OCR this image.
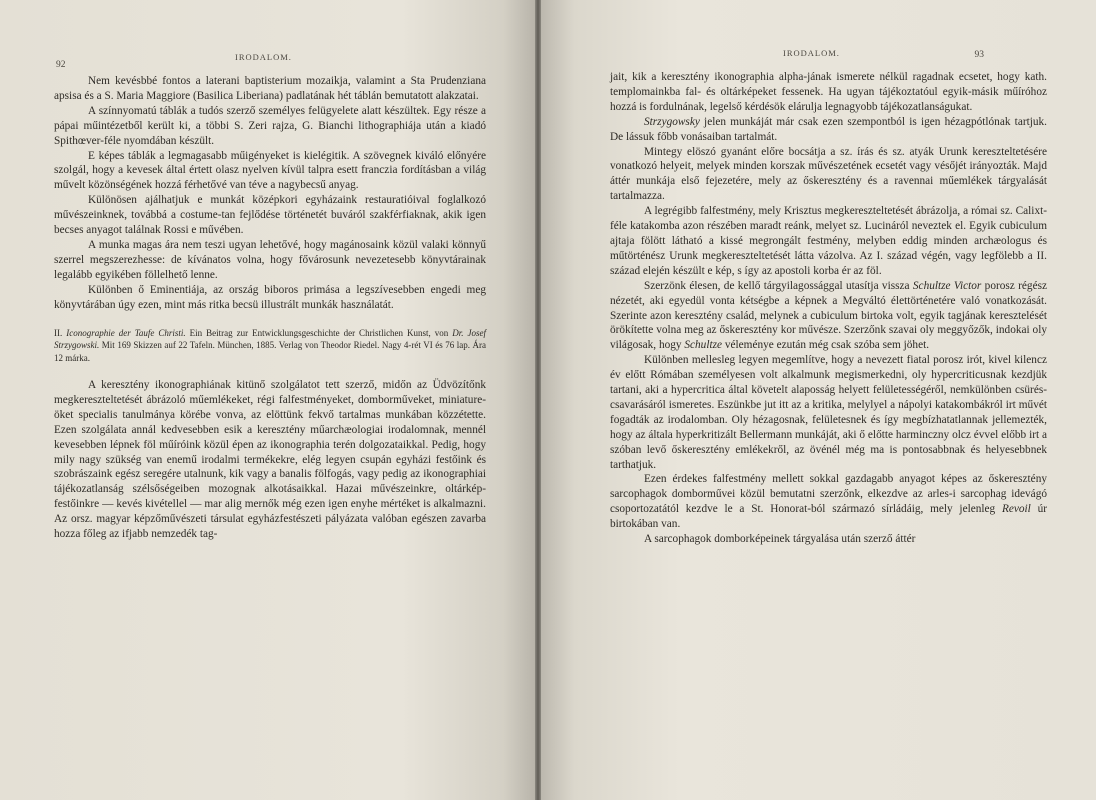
92
IRODALOM.

Nem kevésbbé fontos a laterani baptisterium mozaikja, valamint a Sta Prudenziana apsisa és a S. Maria Maggiore (Basilica Liberiana) padlatának hét táblán bemutatott alakzatai.

A színnyomatú táblák a tudós szerző személyes felügyelete alatt készültek. Egy része a pápai műintézetből került ki, a többi S. Zeri rajza, G. Bianchi lithographiája után a kiadó Spithœver-féle nyomdában készült.

E képes táblák a legmagasabb műigényeket is kielégitik. A szövegnek kiváló előnyére szolgál, hogy a kevesek által értett olasz nyelven kívül talpra esett franczia fordításban a világ művelt közönségének hozzá férhetővé van téve a nagybecsű anyag.

Különösen ajálhatjuk e munkát középkori egyházaink restauratióival foglalkozó művészeinknek, továbbá a costume-tan fejlődése történetét buváról szakférfiaknak, akik igen becses anyagot találnak Rossi e művében.

A munka magas ára nem teszi ugyan lehetővé, hogy magánosaink közül valaki könnyű szerrel megszerezhesse: de kívánatos volna, hogy fővárosunk nevezetesebb könyvtárainak legalább egyikében föllelhető lenne.

Különben ő Eminentiája, az ország biboros primása a legszívesebben engedi meg könyvtárában úgy ezen, mint más ritka becsü illustrált munkák használatát.

II. Iconographie der Taufe Christi. Ein Beitrag zur Entwicklungsgeschichte der Christlichen Kunst, von Dr. Josef Strzygowski. Mit 169 Skizzen auf 22 Tafeln. München, 1885. Verlag von Theodor Riedel. Nagy 4-rét VI és 76 lap. Ára 12 márka.

A keresztény ikonographiának kitünő szolgálatot tett szerző, midőn az Üdvözítőnk megkereszteltetését ábrázoló műemlékeket, régi falfestményeket, domborműveket, miniature-öket specialis tanulmánya körébe vonva, az elöttünk fekvő tartalmas munkában közzétette. Ezen szolgálata annál kedvesebben esik a keresztény műarchæologiai irodalomnak, mennél kevesebben lépnek föl műíróink közül épen az ikonographia terén dolgozataikkal. Pedig, hogy mily nagy szükség van enemű irodalmi termékekre, elég legyen csupán egyházi festőink és szobrászaink egész seregére utalnunk, kik vagy a banalis fölfogás, vagy pedig az ikonographiai tájékozatlanság szélsőségeiben mozognak alkotásaikkal. Hazai művészeinkre, oltárkép-festőinkre — kevés kivétellel — mar alig mernők még ezen igen enyhe mértéket is alkalmazni. Az orsz. magyar képzőművészeti társulat egyházfestészeti pályázata valóban egészen zavarba hozza főleg az ifjabb nemzedék tag-

IRODALOM.	93

jait, kik a keresztény ikonographia alpha-jának ismerete nélkül ragadnak ecsetet, hogy kath. templomainkba fal- és oltárképeket fessenek. Ha ugyan tájékoztatóul egyik-másik műíróhoz hozzá is fordulnának, legelső kérdésök elárulja legnagyobb tájékozatlanságukat.

Strzygowsky jelen munkáját már csak ezen szempontból is igen hézagpótlónak tartjuk. De lássuk főbb vonásaiban tartalmát.

Mintegy elöszó gyanánt előre bocsátja a sz. írás és sz. atyák Urunk kereszteltetésére vonatkozó helyeit, melyek minden korszak művészetének ecsetét vagy vésőjét irányozták. Majd áttér munkája első fejezetére, mely az őskeresztény és a ravennai műemlékek tárgyalását tartalmazza.

A legrégibb falfestmény, mely Krisztus megkereszteltetését ábrázolja, a római sz. Calixt-féle katakomba azon részében maradt reánk, melyet sz. Lucináról neveztek el. Egyik cubiculum ajtaja fölött látható a kissé megrongált festmény, melyben eddig minden archæologus és műtörténész Urunk megkereszteltetését látta vázolva. Az I. század végén, vagy legfölebb a II. század elején készült e kép, s így az apostoli korba ér az föl.

Szerzönk élesen, de kellő tárgyilagossággal utasítja vissza Schultze Victor porosz régész nézetét, aki egyedül vonta kétségbe a képnek a Megváltó élettörténetére való vonatkozását. Szerinte azon keresztény család, melynek a cubiculum birtoka volt, egyik tagjának keresztelését örökítette volna meg az őskeresztény kor művésze. Szerzőnk szavai oly meggyőzők, indokai oly világosak, hogy Schultze véleménye ezután még csak szóba sem jöhet.

Különben mellesleg legyen megemlítve, hogy a nevezett fiatal porosz irót, kivel kilencz év előtt Rómában személyesen volt alkalmunk megismerkedni, oly hypercriticusnak kezdjük tartani, aki a hypercritica által követelt alaposság helyett felületességéről, nemkülönben csürés-csavarásáról ismeretes. Eszünkbe jut itt az a kritika, melylyel a nápolyi katakombákról irt művét fogadták az irodalomban. Oly hézagosnak, felületesnek és így megbízhatatlannak jellemezték, hogy az általa hyperkritizált Bellermann munkáját, aki ő előtte harminczny olcz évvel előbb irt a szóban levő őskeresztény emlékekről, az övénél még ma is pontosabbnak és helyesebbnek tarthatjuk.

Ezen érdekes falfestmény mellett sokkal gazdagabb anyagot képes az őskeresztény sarcophagok domborművei közül bemutatni szerzőnk, elkezdve az arles-i sarcophag idevágó csoportozatától kezdve le a St. Honorat-ból származó sírládáig, mely jelenleg Revoil úr birtokában van.

A sarcophagok domborképeinek tárgyalása után szerző áttér
